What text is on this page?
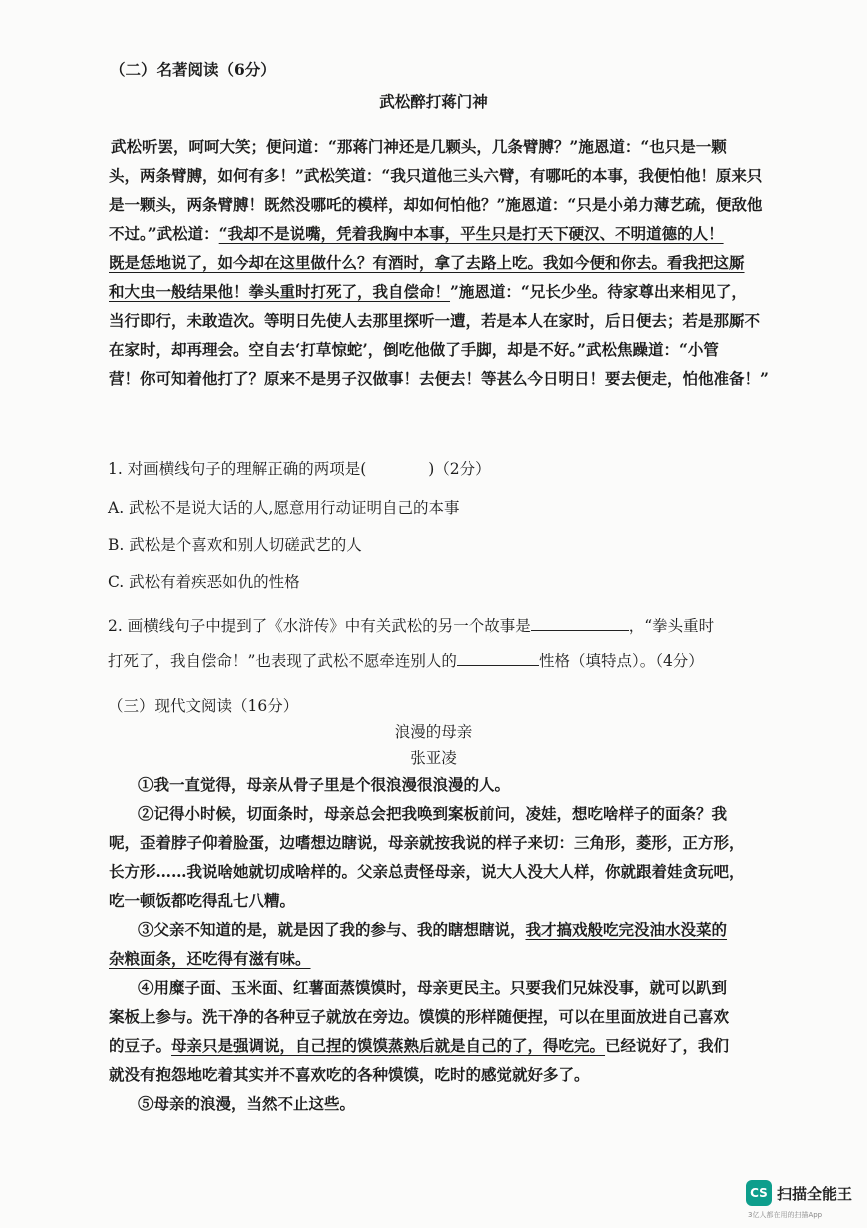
（二）名著阅读（6分）
武松醉打蒋门神

武松听罢，呵呵大笑；便问道：“那蒋门神还是几颗头，几条臂膊？”施恩道：“也只是一颗

头，两条臂膊，如何有多！”武松笑道：“我只道他三头六臂，有哪吒的本事，我便怕他！原来只

是一颗头，两条臂膊！既然没哪吒的模样，却如何怕他？”施恩道：“只是小弟力薄艺疏，便敌他

不过。”武松道：“我却不是说嘴，凭着我胸中本事，平生只是打天下硬汉、不明道德的人！

既是恁地说了，如今却在这里做什么？有酒时，拿了去路上吃。我如今便和你去。看我把这厮

和大虫一般结果他！拳头重时打死了，我自偿命！”施恩道：“兄长少坐。待家尊出来相见了，

当行即行，未敢造次。等明日先使人去那里探听一遭，若是本人在家时，后日便去；若是那厮不

在家时，却再理会。空自去‘打草惊蛇’，倒吃他做了手脚，却是不好。”武松焦躁道：“小管

营！你可知着他打了？原来不是男子汉做事！去便去！等甚么今日明日！要去便走，怕他准备！”

1. 对画横线句子的理解正确的两项是(　　　　)（2分）
A. 武松不是说大话的人,愿意用行动证明自己的本事
B. 武松是个喜欢和别人切磋武艺的人
C. 武松有着疾恶如仇的性格
2. 画横线句子中提到了《水浒传》中有关武松的另一个故事是	，“拳头重时
打死了，我自偿命！”也表现了武松不愿牵连别人的	性格（填特点）。（4分）
（三）现代文阅读（16分）
浪漫的母亲
张亚凌

①我一直觉得，母亲从骨子里是个很浪漫很浪漫的人。

②记得小时候，切面条时，母亲总会把我唤到案板前问，凌娃，想吃啥样子的面条？我

呢，歪着脖子仰着脸蛋，边嗜想边瞎说，母亲就按我说的样子来切：三角形，菱形，正方形，

长方形……我说啥她就切成啥样的。父亲总责怪母亲，说大人没大人样，你就跟着娃贪玩吧，

吃一顿饭都吃得乱七八糟。

③父亲不知道的是，就是因了我的参与、我的瞎想瞎说，我才搞戏般吃完没油水没菜的

杂粮面条，还吃得有滋有味。

④用糜子面、玉米面、红薯面蒸馍馍时，母亲更民主。只要我们兄妹没事，就可以趴到

案板上参与。洗干净的各种豆子就放在旁边。馍馍的形样随便捏，可以在里面放进自己喜欢

的豆子。母亲只是强调说，自己捏的馍馍蒸熟后就是自己的了，得吃完。已经说好了，我们

就没有抱怨地吃着其实并不喜欢吃的各种馍馍，吃时的感觉就好多了。

⑤母亲的浪漫，当然不止这些。

CS 扫描全能王
3亿人都在用的扫描App
